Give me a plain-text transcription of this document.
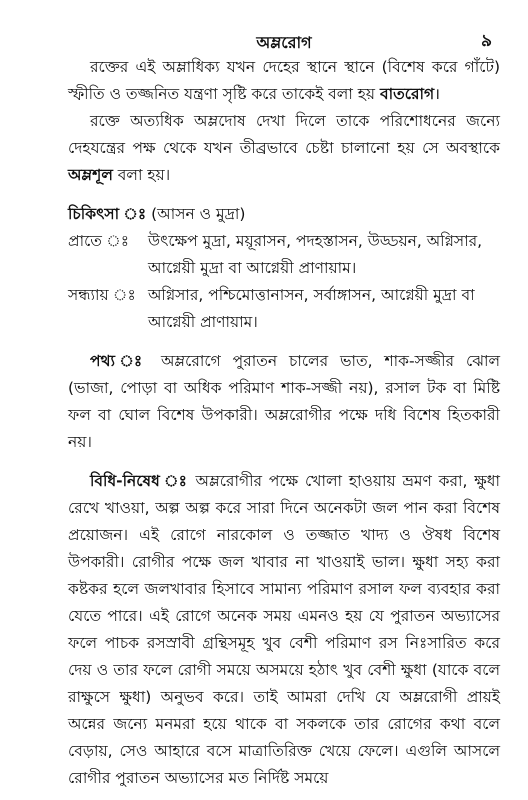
অম্লরোগ	৯

রক্তের এই অম্লাধিক্য যখন দেহের স্থানে স্থানে (বিশেষ করে গাঁটে) স্ফীতি ও তজ্জনিত যন্ত্রণা সৃষ্টি করে তাকেই বলা হয় বাতরোগ।

রক্তে অত্যধিক অম্লদোষ দেখা দিলে তাকে পরিশোধনের জন্যে দেহযন্ত্রের পক্ষ থেকে যখন তীব্রভাবে চেষ্টা চালানো হয় সে অবস্থাকে অম্লশূল বলা হয়।

চিকিৎসা ঃ (আসন ও মুদ্রা)

প্রাতে ঃ	উৎক্ষেপ মুদ্রা, ময়ূরাসন, পদহস্তাসন, উড্ডয়ন, অগ্নিসার, আগ্নেয়ী মুদ্রা বা আগ্নেয়ী প্রাণায়াম।
সন্ধ্যায় ঃ অগ্নিসার, পশ্চিমোত্তানাসন, সর্বাঙ্গাসন, আগ্নেয়ী মুদ্রা বা আগ্নেয়ী প্রাণায়াম।

পথ্য ঃ অম্লরোগে পুরাতন চালের ভাত, শাক-সজ্জীর ঝোল (ভাজা, পোড়া বা অধিক পরিমাণ শাক-সজ্জী নয়), রসাল টক বা মিষ্টি ফল বা ঘোল বিশেষ উপকারী। অম্লরোগীর পক্ষে দধি বিশেষ হিতকারী নয়।

বিধি-নিষেধ ঃ অম্লরোগীর পক্ষে খোলা হাওয়ায় ভ্রমণ করা, ক্ষুধা রেখে খাওয়া, অল্প অল্প করে সারা দিনে অনেকটা জল পান করা বিশেষ প্রয়োজন। এই রোগে নারকোল ও তজ্জাত খাদ্য ও ঔষধ বিশেষ উপকারী। রোগীর পক্ষে জল খাবার না খাওয়াই ভাল। ক্ষুধা সহ্য করা কষ্টকর হলে জলখাবার হিসাবে সামান্য পরিমাণ রসাল ফল ব্যবহার করা যেতে পারে। এই রোগে অনেক সময় এমনও হয় যে পুরাতন অভ্যাসের ফলে পাচক রসস্রাবী গ্রন্থিসমূহ খুব বেশী পরিমাণ রস নিঃসারিত করে দেয় ও তার ফলে রোগী সময়ে অসময়ে হঠাৎ খুব বেশী ক্ষুধা (যাকে বলে রাক্ষুসে ক্ষুধা) অনুভব করে। তাই আমরা দেখি যে অম্লরোগী প্রায়ই অন্নের জন্যে মনমরা হয়ে থাকে বা সকলকে তার রোগের কথা বলে বেড়ায়, সেও আহারে বসে মাত্রাতিরিক্ত খেয়ে ফেলে। এগুলি আসলে রোগীর পুরাতন অভ্যাসের মত নির্দিষ্ট সময়ে
